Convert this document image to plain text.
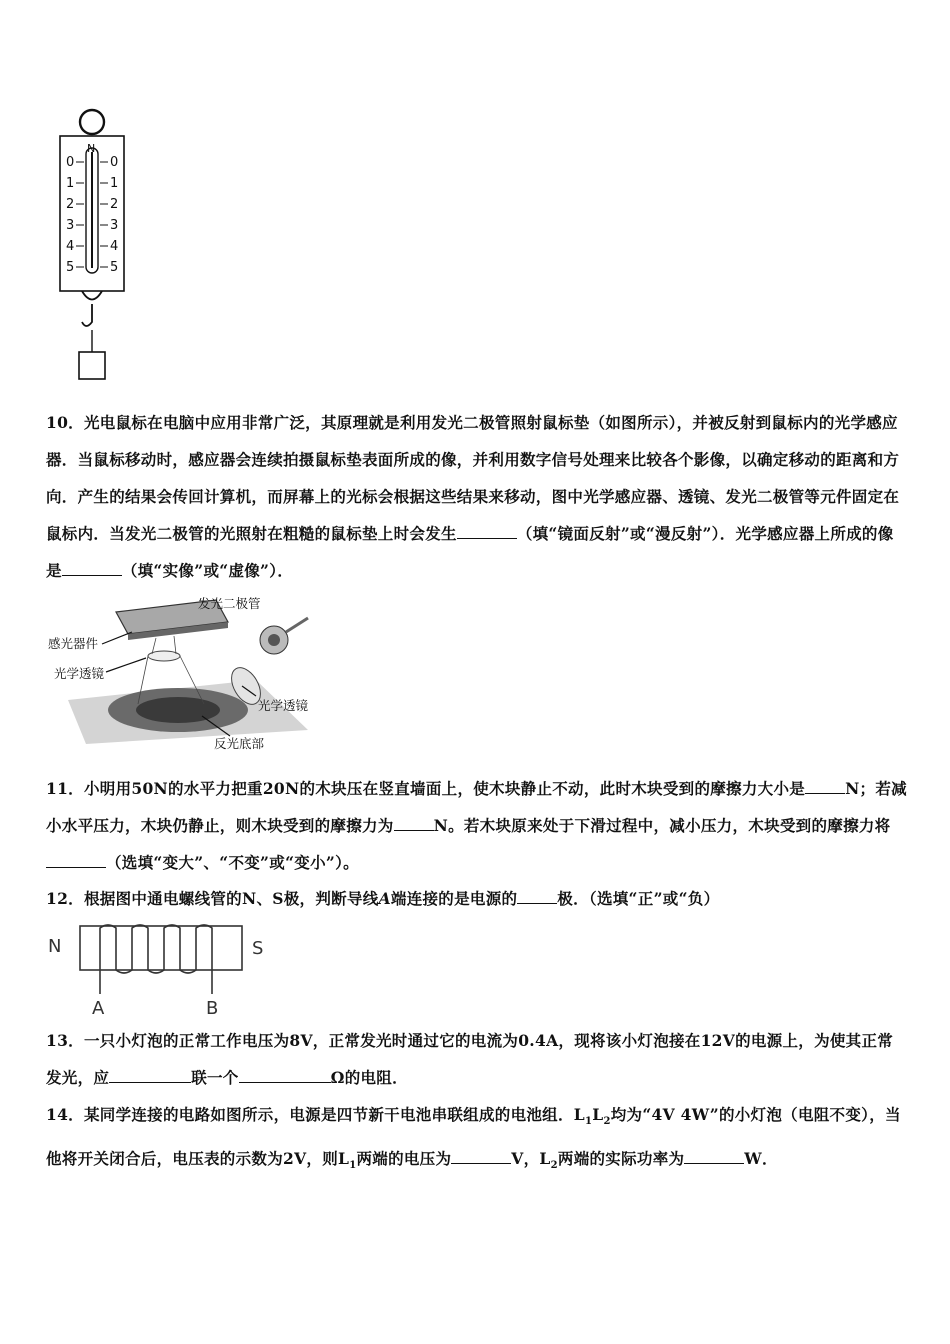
N
0
1
2
3
4
5
0
1
2
3
4
5

10．光电鼠标在电脑中应用非常广泛，其原理就是利用发光二极管照射鼠标垫（如图所示），并被反射到鼠标内的光学感应器．当鼠标移动时，感应器会连续拍摄鼠标垫表面所成的像，并利用数字信号处理来比较各个影像，以确定移动的距离和方向．产生的结果会传回计算机，而屏幕上的光标会根据这些结果来移动，图中光学感应器、透镜、发光二极管等元件固定在鼠标内．当发光二极管的光照射在粗糙的鼠标垫上时会发生	（填“镜面反射”或“漫反射”）．光学感应器上所成的像是	（填“实像”或“虚像”）．

发光二极管
感光器件
光学透镜
光学透镜
反光底部

11．小明用50N的水平力把重20N的木块压在竖直墙面上，使木块静止不动，此时木块受到的摩擦力大小是	N；若减小水平压力，木块仍静止，则木块受到的摩擦力为	N。若木块原来处于下滑过程中，减小压力，木块受到的摩擦力将（选填“变大”、“不变”或“变小”）。

12．根据图中通电螺线管的N、S极，判断导线A端连接的是电源的	极．（选填“正”或“负）

N	S
A	B

13．一只小灯泡的正常工作电压为8V，正常发光时通过它的电流为0.4A，现将该小灯泡接在12V的电源上，为使其正常发光，应	联一个	Ω的电阻．

14．某同学连接的电路如图所示，电源是四节新干电池串联组成的电池组．$L_1L_2$均为“4V 4W”的小灯泡（电阻不变），当他将开关闭合后，电压表的示数为2V，则$L_1$两端的电压为	V，$L_2$两端的实际功率为	W．
